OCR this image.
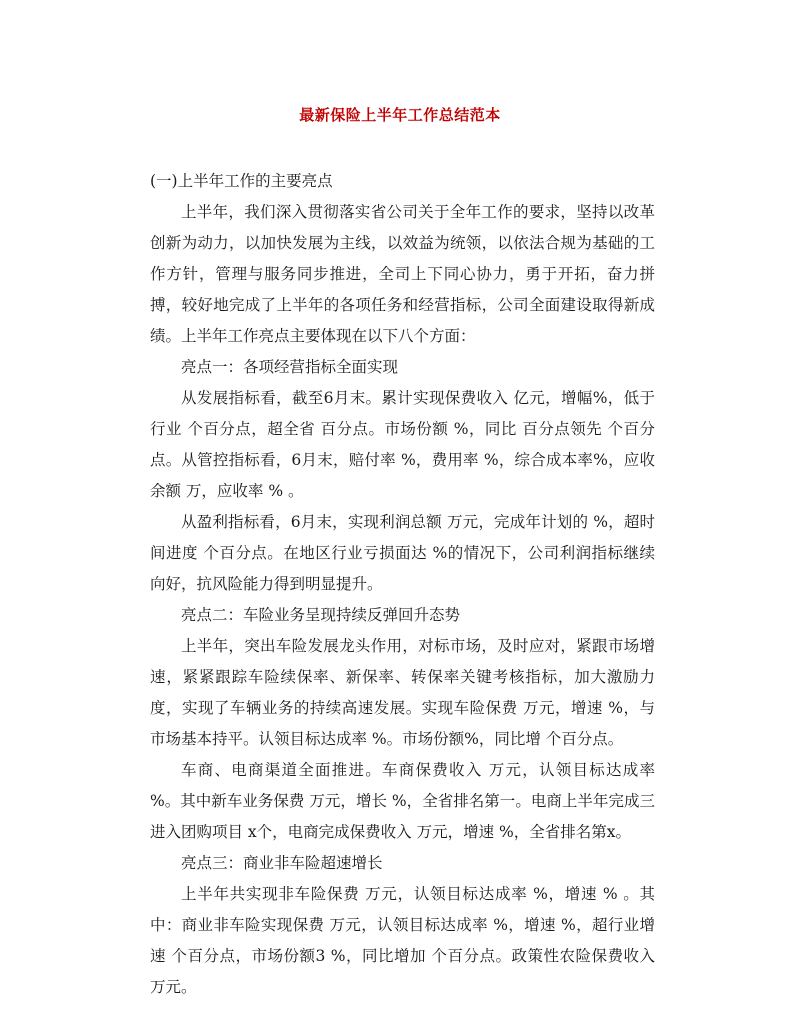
最新保险上半年工作总结范本

(一)上半年工作的主要亮点

上半年，我们深入贯彻落实省公司关于全年工作的要求，坚持以改革创新为动力，以加快发展为主线，以效益为统领，以依法合规为基础的工作方针，管理与服务同步推进，全司上下同心协力，勇于开拓，奋力拼搏，较好地完成了上半年的各项任务和经营指标，公司全面建设取得新成绩。上半年工作亮点主要体现在以下八个方面：

亮点一：各项经营指标全面实现

从发展指标看，截至6月末。累计实现保费收入 亿元，增幅%，低于行业 个百分点，超全省 百分点。市场份额 %，同比 百分点领先 个百分点。从管控指标看，6月末，赔付率 %，费用率 %，综合成本率%，应收余额 万，应收率 % 。

从盈利指标看，6月末，实现利润总额 万元，完成年计划的 %，超时间进度 个百分点。在地区行业亏损面达 %的情况下，公司利润指标继续向好，抗风险能力得到明显提升。

亮点二：车险业务呈现持续反弹回升态势

上半年，突出车险发展龙头作用，对标市场，及时应对，紧跟市场增速，紧紧跟踪车险续保率、新保率、转保率关键考核指标，加大激励力度，实现了车辆业务的持续高速发展。实现车险保费 万元，增速 %，与市场基本持平。认领目标达成率 %。市场份额%，同比增 个百分点。

车商、电商渠道全面推进。车商保费收入 万元，认领目标达成率 %。其中新车业务保费 万元，增长 %，全省排名第一。电商上半年完成三进入团购项目 x个，电商完成保费收入 万元，增速 %，全省排名第x。

亮点三：商业非车险超速增长

上半年共实现非车险保费 万元，认领目标达成率 %，增速 % 。其中：商业非车险实现保费 万元，认领目标达成率 %，增速 %，超行业增速 个百分点，市场份额3 %，同比增加 个百分点。政策性农险保费收入 万元。
